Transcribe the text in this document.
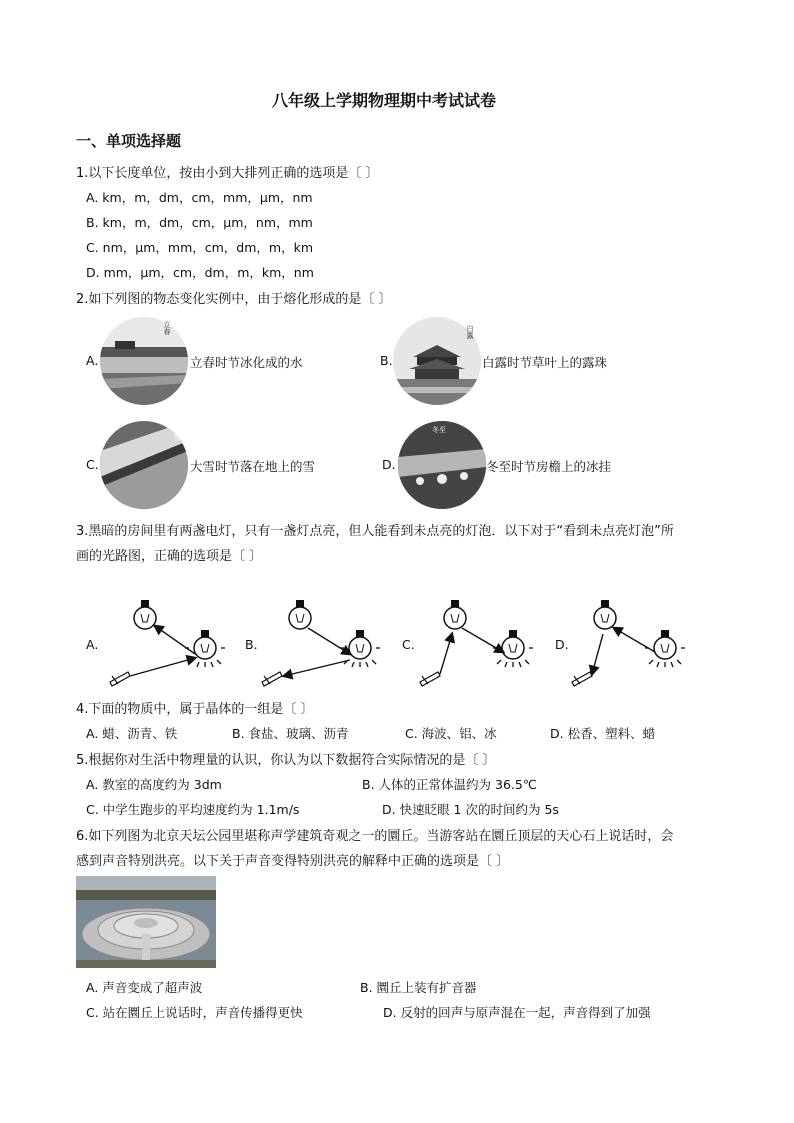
八年级上学期物理期中考试试卷
一、单项选择题
1.以下长度单位，按由小到大排列正确的选项是〔 〕
A. km，m，dm，cm，mm，μm，nm
B. km，m，dm，cm，μm，nm，mm
C. nm，μm，mm，cm，dm，m，km
D. mm，μm，cm，dm，m，km，nm
2.如下列图的物态变化实例中，由于熔化形成的是〔 〕
A.
立春
立春时节冰化成的水	B.
白露
白露时节草叶上的露珠
C.
大雪
大雪时节落在地上的雪	D.
冬至
冬至时节房檐上的冰挂
3.黑暗的房间里有两盏电灯，只有一盏灯点亮，但人能看到未点亮的灯泡．以下对于“看到未点亮灯泡”所
画的光路图，正确的选项是〔 〕
A.	B.	C.	D.
4.下面的物质中，属于晶体的一组是〔 〕
A. 蜡、沥青、铁	B. 食盐、玻璃、沥青	C. 海波、铝、冰	D. 松香、塑料、蜡
5.根据你对生活中物理量的认识，你认为以下数据符合实际情况的是〔 〕
A. 教室的高度约为 3dm	B. 人体的正常体温约为 36.5℃
C. 中学生跑步的平均速度约为 1.1m/s	D. 快速眨眼 1 次的时间约为 5s
6.如下列图为北京天坛公园里堪称声学建筑奇观之一的圜丘。当游客站在圜丘顶层的天心石上说话时，会
感到声音特别洪亮。以下关于声音变得特别洪亮的解释中正确的选项是〔 〕
A. 声音变成了超声波	B. 圜丘上装有扩音器
C. 站在圜丘上说话时，声音传播得更快	D. 反射的回声与原声混在一起，声音得到了加强
